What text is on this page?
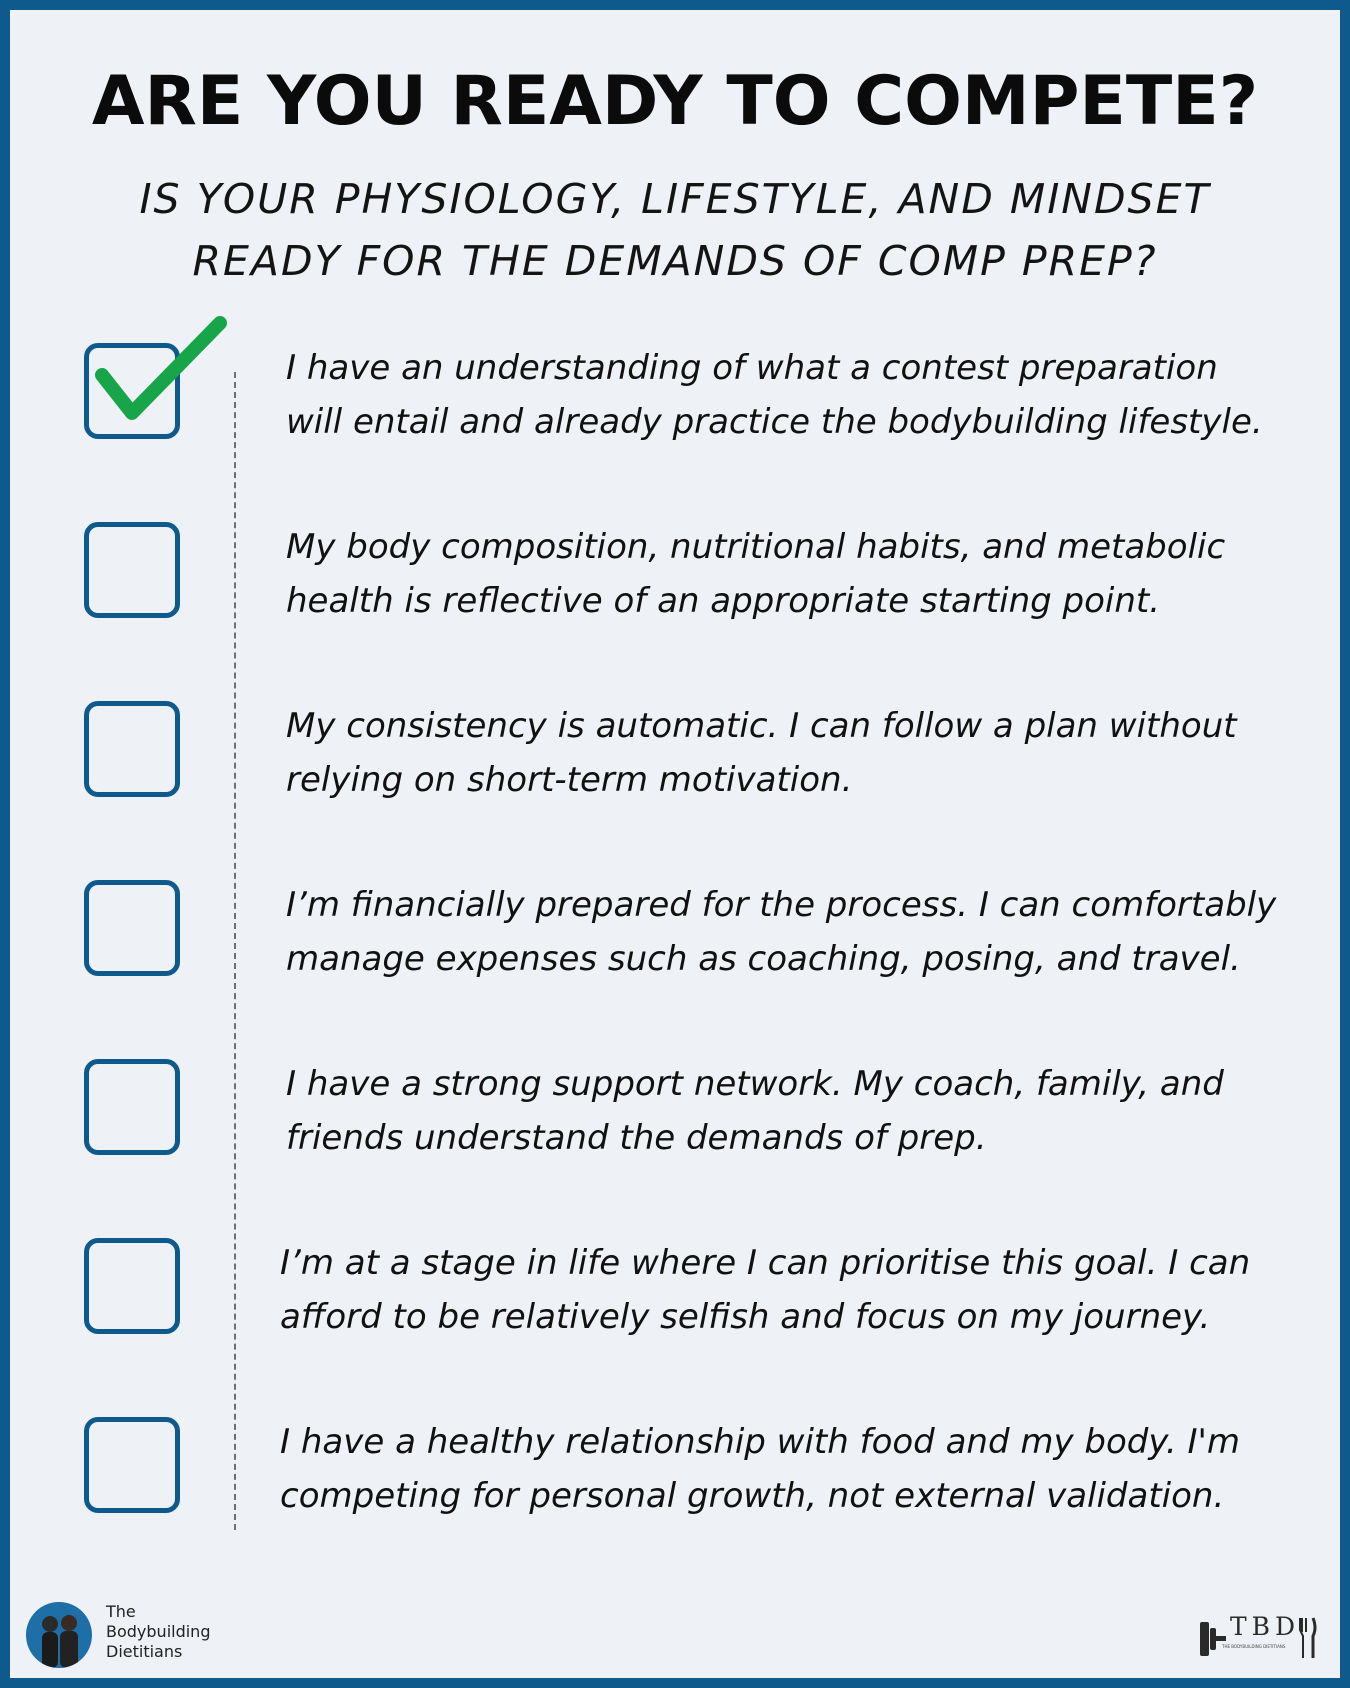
ARE YOU READY TO COMPETE?
IS YOUR PHYSIOLOGY, LIFESTYLE, AND MINDSET
READY FOR THE DEMANDS OF COMP PREP?
I have an understanding of what a contest preparation
will entail and already practice the bodybuilding lifestyle.
My body composition, nutritional habits, and metabolic
health is reflective of an appropriate starting point.
My consistency is automatic. I can follow a plan without
relying on short-term motivation.
I’m financially prepared for the process. I can comfortably
manage expenses such as coaching, posing, and travel.
I have a strong support network. My coach, family, and
friends understand the demands of prep.
I’m at a stage in life where I can prioritise this goal. I can
afford to be relatively selfish and focus on my journey.
I have a healthy relationship with food and my body. I'm
competing for personal growth, not external validation.
The
Bodybuilding
Dietitians
TBD
THE BODYBUILDING DIETITIANS
